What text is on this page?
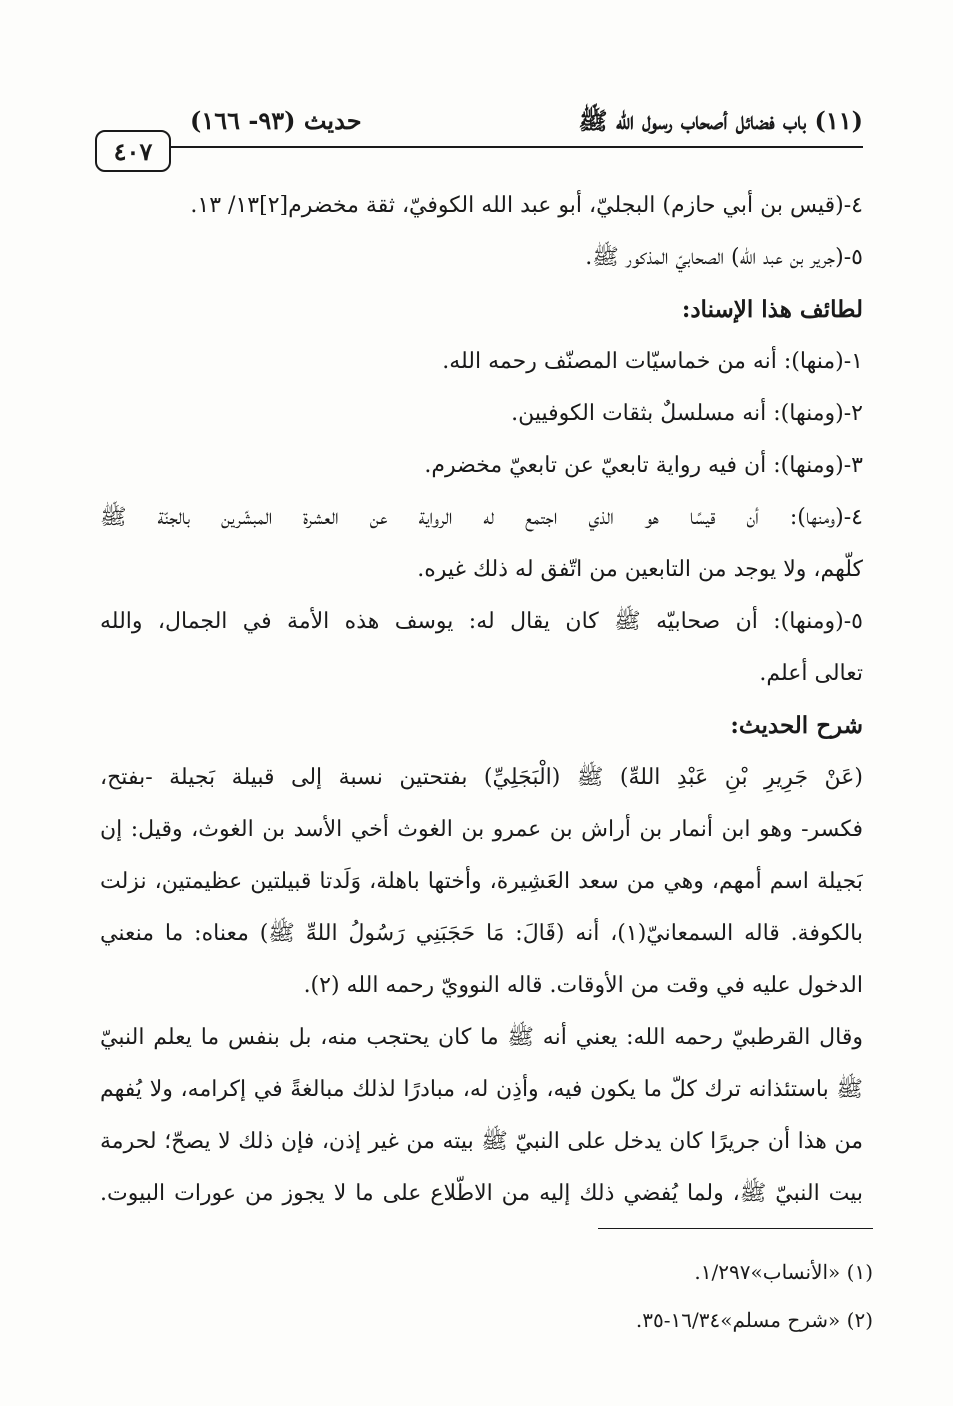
(١١) باب فضائل أصحاب رسول الله ﷺ
حديث (٩٣- ١٦٦)
٤٠٧
٤-(قيس بن أبي حازم) البجليّ، أبو عبد الله الكوفيّ، ثقة مخضرم[٢]١٣/ ١٣.
٥-(جرير بن عبد الله) الصحابيّ المذكور ﷺ.
لطائف هذا الإسناد:
١-(منها): أنه من خماسيّات المصنّف رحمه الله.
٢-(ومنها): أنه مسلسلٌ بثقات الكوفيين.
٣-(ومنها): أن فيه رواية تابعيّ عن تابعيّ مخضرم.
٤-(ومنها): أن قيسًا هو الذي اجتمع له الرواية عن العشرة المبشّرين بالجنّة ﷺ
كلّهم، ولا يوجد من التابعين من اتّفق له ذلك غيره.
٥-(ومنها): أن صحابيّه ﷺ كان يقال له: يوسف هذه الأمة في الجمال، والله
تعالى أعلم.
شرح الحديث:
(عَنْ جَرِيرِ بْنِ عَبْدِ اللهِّ) ﷺ (الْبَجَلِيِّ) بفتحتين نسبة إلى قبيلة بَجيلة -بفتح،
فكسر- وهو ابن أنمار بن أراش بن عمرو بن الغوث أخي الأسد بن الغوث، وقيل: إن
بَجيلة اسم أمهم، وهي من سعد العَشِيرة، وأختها باهلة، وَلَدتا قبيلتين عظيمتين، نزلت
بالكوفة. قاله السمعانيّ(١)، أنه (قَالَ: مَا حَجَبَنِي رَسُولُ اللهِّ ﷺ) معناه: ما منعني
الدخول عليه في وقت من الأوقات. قاله النوويّ رحمه الله (٢).
وقال القرطبيّ رحمه الله: يعني أنه ﷺ ما كان يحتجب منه، بل بنفس ما يعلم النبيّ
ﷺ باستئذانه ترك كلّ ما يكون فيه، وأذِن له، مبادرًا لذلك مبالغةً في إكرامه، ولا يُفهم
من هذا أن جريرًا كان يدخل على النبيّ ﷺ بيته من غير إذن، فإن ذلك لا يصحّ؛ لحرمة
بيت النبيّ ﷺ، ولما يُفضي ذلك إليه من الاطّلاع على ما لا يجوز من عورات البيوت.
(١) «الأنساب»١/٢٩٧.
(٢) «شرح مسلم»١٦/٣٤-٣٥.
